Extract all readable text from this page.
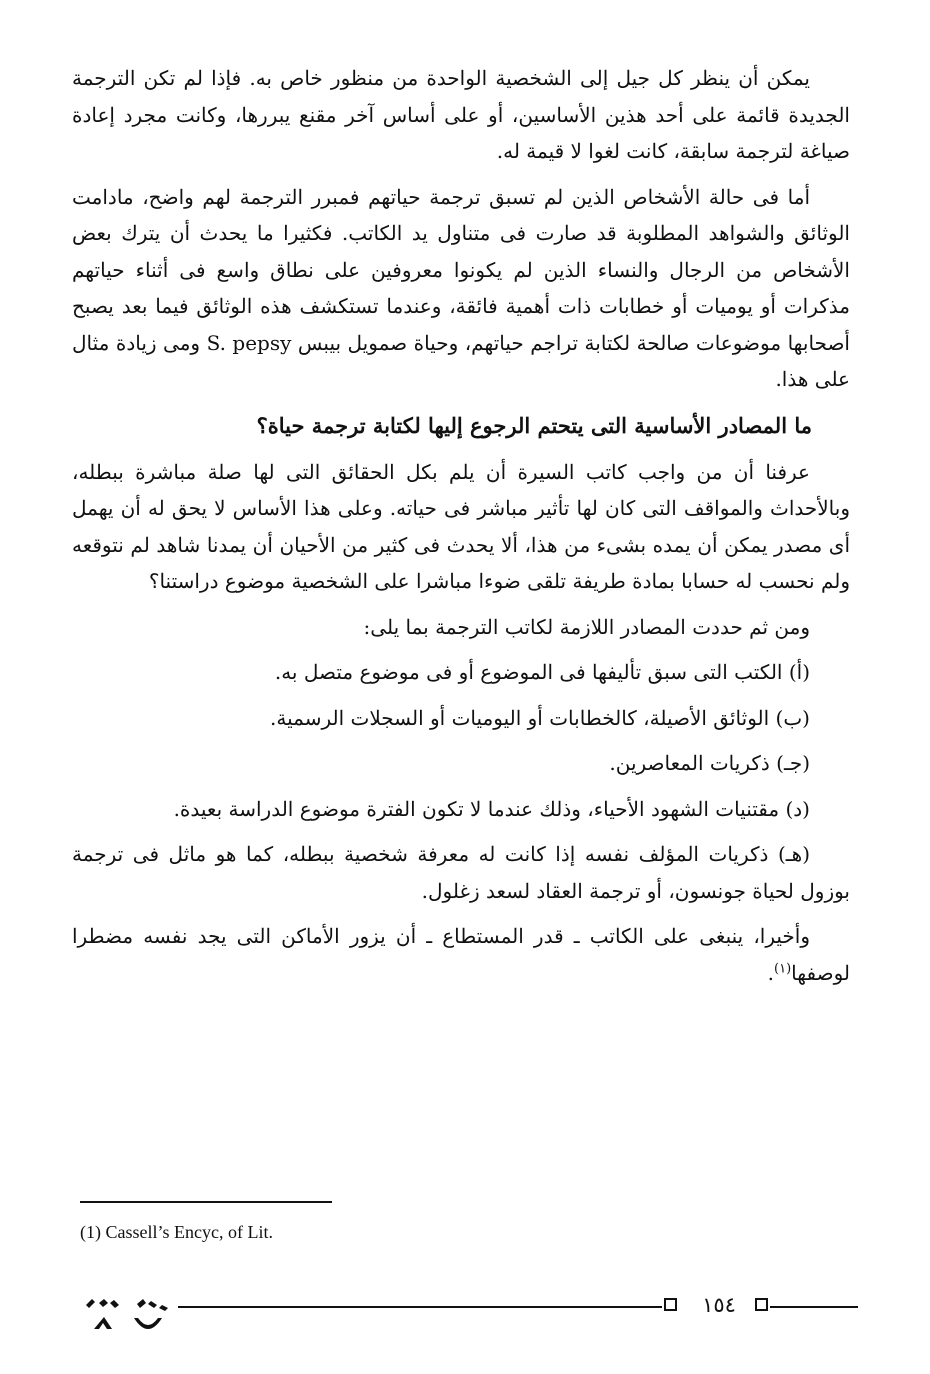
يمكن أن ينظر كل جيل إلى الشخصية الواحدة من منظور خاص به. فإذا لم تكن الترجمة الجديدة قائمة على أحد هذين الأساسين، أو على أساس آخر مقنع يبررها، وكانت مجرد إعادة صياغة لترجمة سابقة، كانت لغوا لا قيمة له.

أما فى حالة الأشخاص الذين لم تسبق ترجمة حياتهم فمبرر الترجمة لهم واضح، مادامت الوثائق والشواهد المطلوبة قد صارت فى متناول يد الكاتب. فكثيرا ما يحدث أن يترك بعض الأشخاص من الرجال والنساء الذين لم يكونوا معروفين على نطاق واسع فى أثناء حياتهم مذكرات أو يوميات أو خطابات ذات أهمية فائقة، وعندما تستكشف هذه الوثائق فيما بعد يصبح أصحابها موضوعات صالحة لكتابة تراجم حياتهم، وحياة صمويل بيبس S. pepsy ومى زيادة مثال على هذا.

ما المصادر الأساسية التى يتحتم الرجوع إليها لكتابة ترجمة حياة؟

عرفنا أن من واجب كاتب السيرة أن يلم بكل الحقائق التى لها صلة مباشرة ببطله، وبالأحداث والمواقف التى كان لها تأثير مباشر فى حياته. وعلى هذا الأساس لا يحق له أن يهمل أى مصدر يمكن أن يمده بشىء من هذا، ألا يحدث فى كثير من الأحيان أن يمدنا شاهد لم نتوقعه ولم نحسب له حسابا بمادة طريفة تلقى ضوءا مباشرا على الشخصية موضوع دراستنا؟

ومن ثم حددت المصادر اللازمة لكاتب الترجمة بما يلى:

(أ) الكتب التى سبق تأليفها فى الموضوع أو فى موضوع متصل به.

(ب) الوثائق الأصيلة، كالخطابات أو اليوميات أو السجلات الرسمية.

(جـ) ذكريات المعاصرين.

(د) مقتنيات الشهود الأحياء، وذلك عندما لا تكون الفترة موضوع الدراسة بعيدة.

(هـ) ذكريات المؤلف نفسه إذا كانت له معرفة شخصية ببطله، كما هو ماثل فى ترجمة بوزول لحياة جونسون، أو ترجمة العقاد لسعد زغلول.

وأخيرا، ينبغى على الكاتب ـ قدر المستطاع ـ أن يزور الأماكن التى يجد نفسه مضطرا لوصفها$^{(١)}$.

(1) Cassell’s Encyc, of Lit.
١٥٤
